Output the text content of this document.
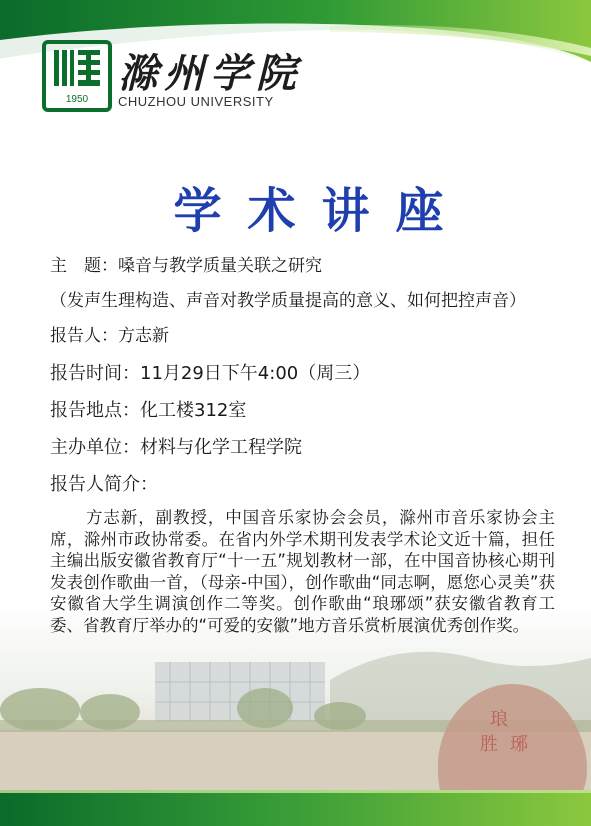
1950
滁州学院
CHUZHOU UNIVERSITY
学术讲座
琅
琊
胜
主　题： 嗓音与教学质量关联之研究
（发声生理构造、声音对教学质量提高的意义、如何把控声音）
报告人： 方志新
报告时间： 11月29日下午4:00（周三）
报告地点： 化工楼312室
主办单位： 材料与化学工程学院
报告人简介：

方志新，副教授，中国音乐家协会会员，滁州市音乐家协会主席，滁州市政协常委。在省内外学术期刊发表学术论文近十篇，担任主编出版安徽省教育厅“十一五”规划教材一部，在中国音协核心期刊发表创作歌曲一首，（母亲-中国），创作歌曲“同志啊，愿您心灵美”获安徽省大学生调演创作二等奖。创作歌曲“琅琊颂”获安徽省教育工委、省教育厅举办的“可爱的安徽”地方音乐赏析展演优秀创作奖。
